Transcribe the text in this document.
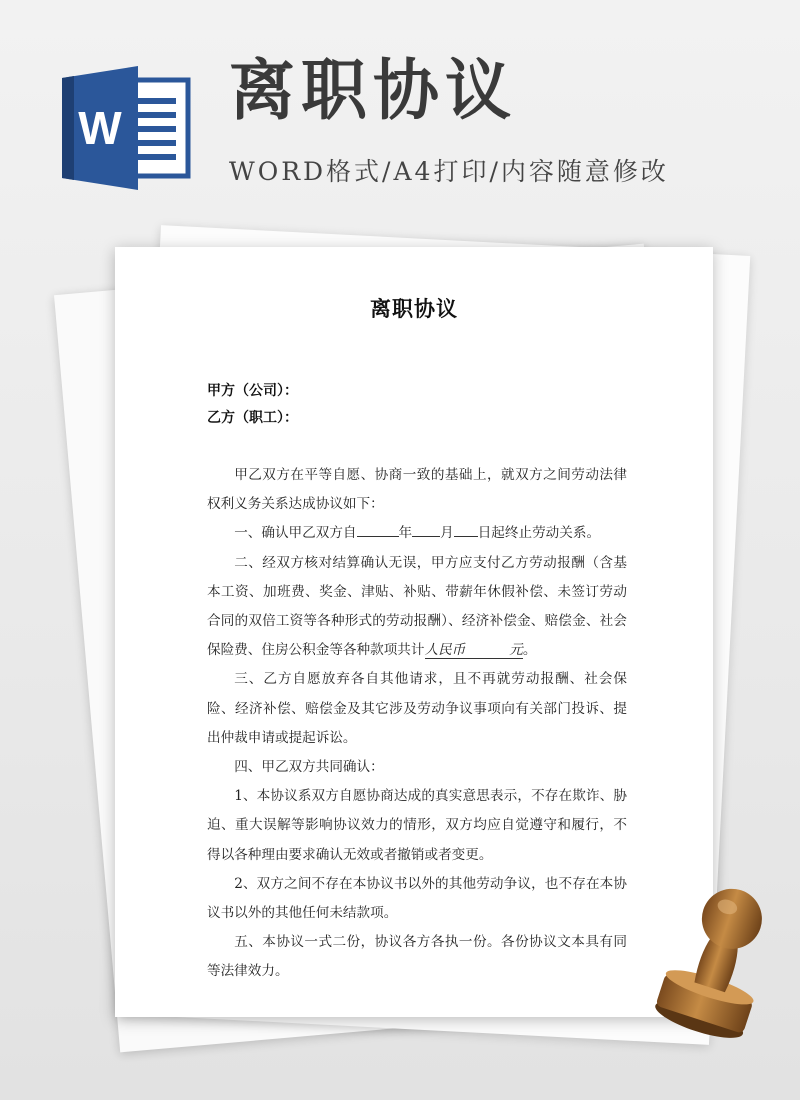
W 离职协议
WORD格式/A4打印/内容随意修改
离职协议
甲方（公司）：
乙方（职工）：

甲乙双方在平等自愿、协商一致的基础上，就双方之间劳动法律权利义务关系达成协议如下：

一、确认甲乙双方自	年 月 日起终止劳动关系。

二、经双方核对结算确认无误，甲方应支付乙方劳动报酬（含基本工资、加班费、奖金、津贴、补贴、带薪年休假补偿、未签订劳动合同的双倍工资等各种形式的劳动报酬）、经济补偿金、赔偿金、社会保险费、住房公积金等各种款项共计人民币	元。

三、乙方自愿放弃各自其他请求，且不再就劳动报酬、社会保险、经济补偿、赔偿金及其它涉及劳动争议事项向有关部门投诉、提出仲裁申请或提起诉讼。

四、甲乙双方共同确认：

1、本协议系双方自愿协商达成的真实意思表示，不存在欺诈、胁迫、重大误解等影响协议效力的情形，双方均应自觉遵守和履行，不得以各种理由要求确认无效或者撤销或者变更。

2、双方之间不存在本协议书以外的其他劳动争议，也不存在本协议书以外的其他任何未结款项。

五、本协议一式二份，协议各方各执一份。各份协议文本具有同等法律效力。
